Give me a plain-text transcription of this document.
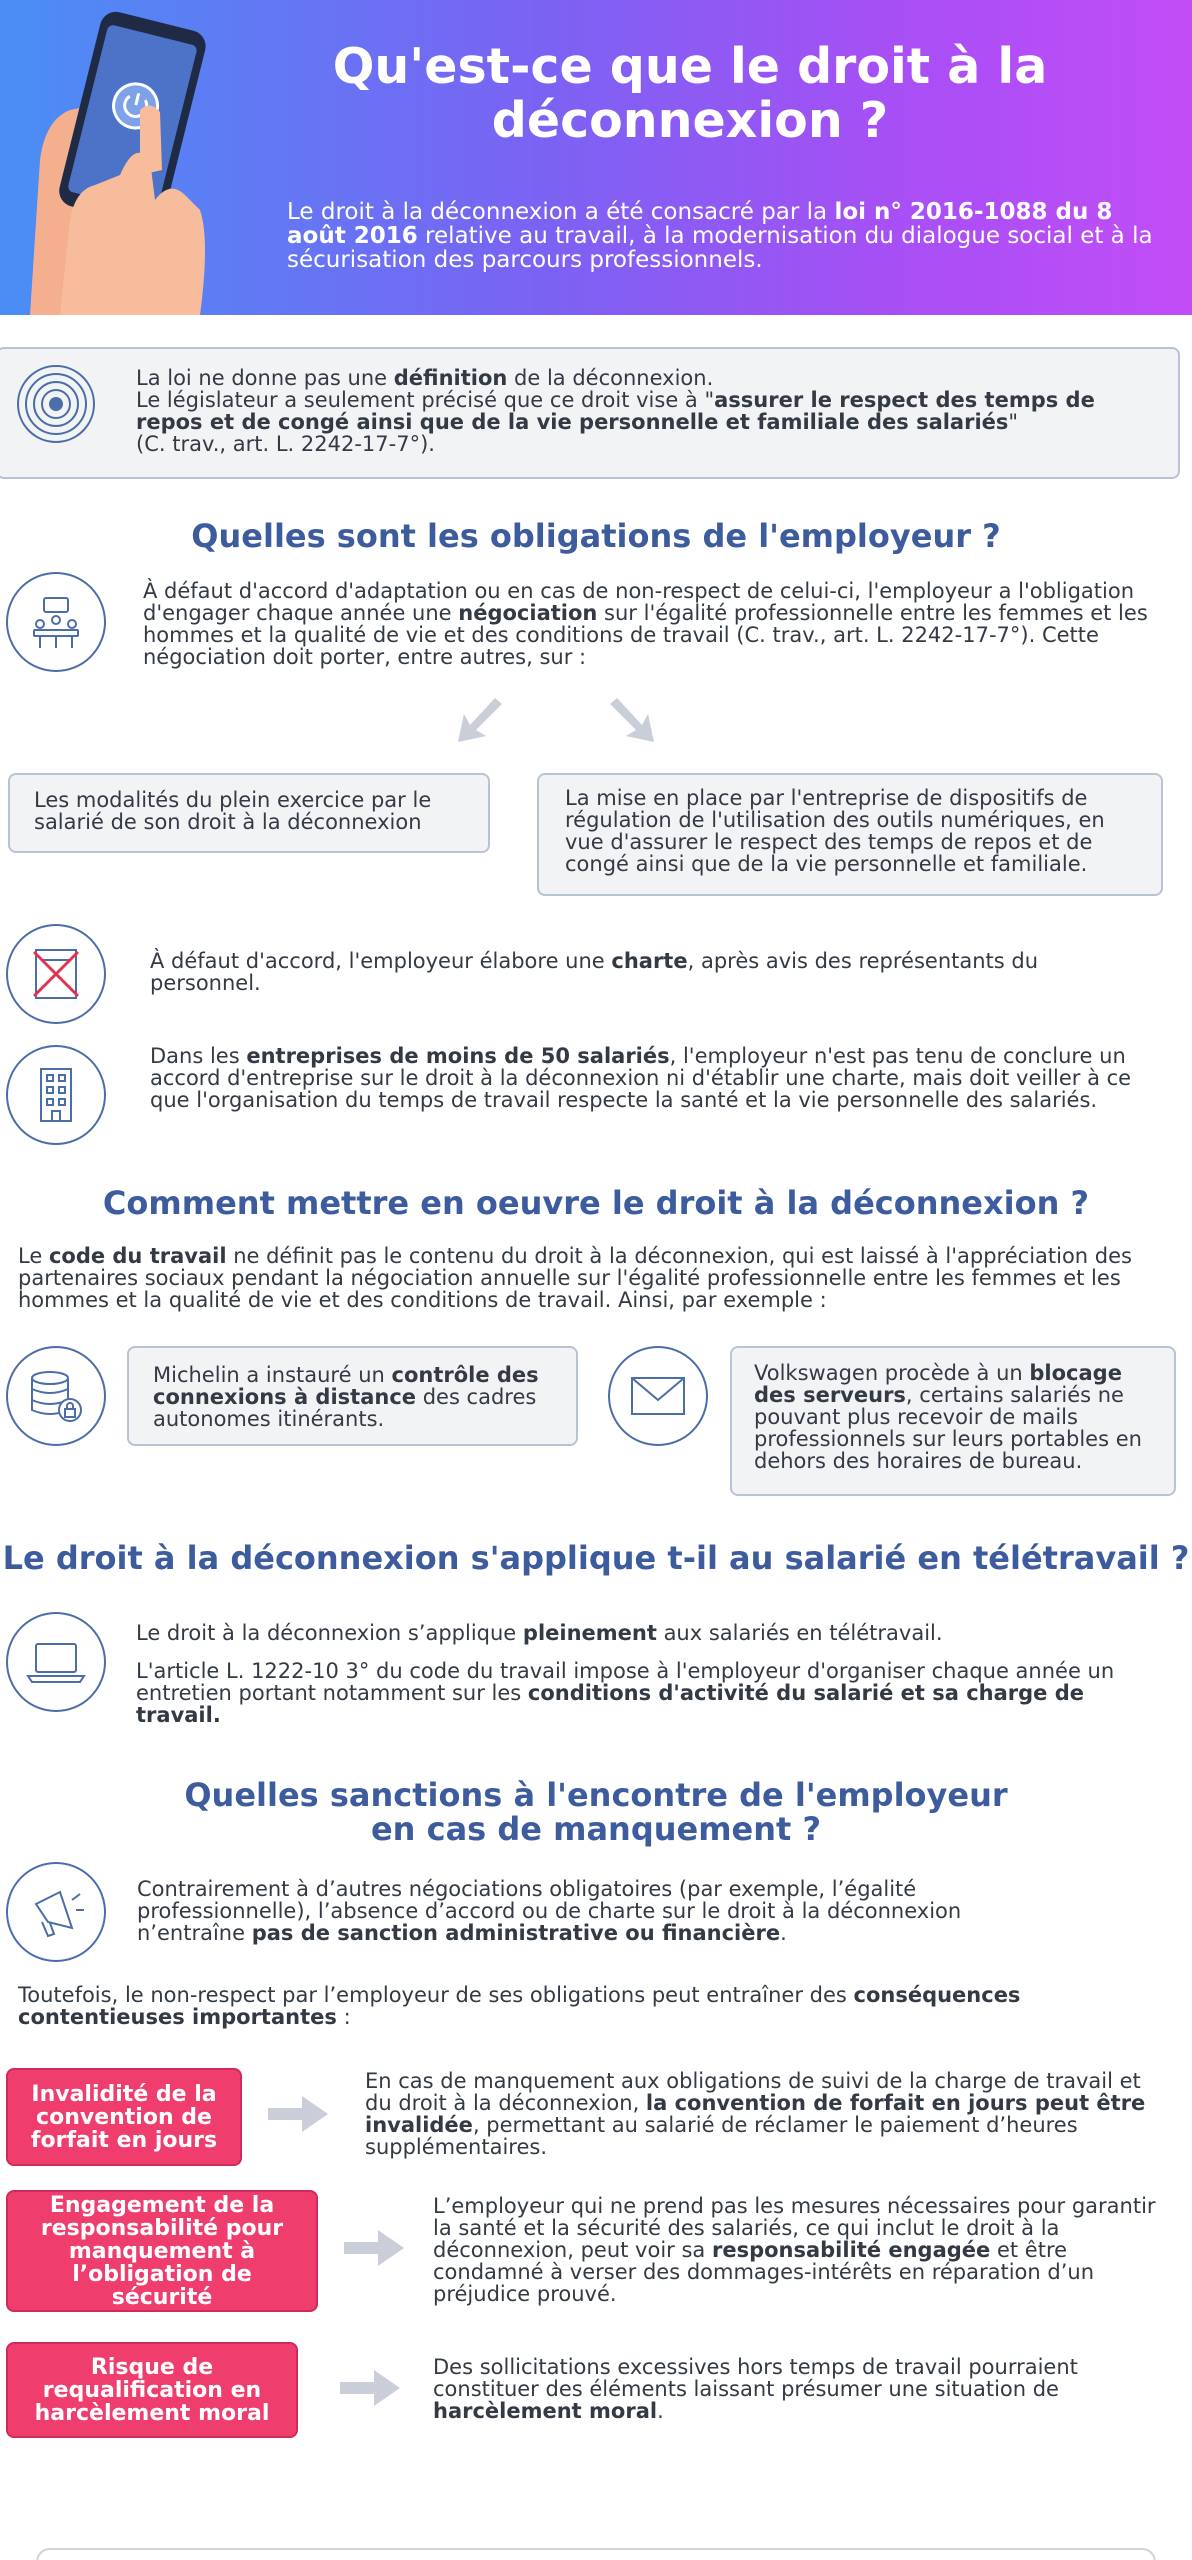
Qu'est-ce que le droit à la déconnexion ?
Le droit à la déconnexion a été consacré par la loi n° 2016-1088 du 8 août 2016 relative au travail, à la modernisation du dialogue social et à la sécurisation des parcours professionnels.
La loi ne donne pas une définition de la déconnexion.
Le législateur a seulement précisé que ce droit vise à "assurer le respect des temps de repos et de congé ainsi que de la vie personnelle et familiale des salariés"
(C. trav., art. L. 2242-17-7°).
Quelles sont les obligations de l'employeur ?
À défaut d'accord d'adaptation ou en cas de non-respect de celui-ci, l'employeur a l'obligation d'engager chaque année une négociation sur l'égalité professionnelle entre les femmes et les hommes et la qualité de vie et des conditions de travail (C. trav., art. L. 2242-17-7°). Cette négociation doit porter, entre autres, sur :
Les modalités du plein exercice par le salarié de son droit à la déconnexion
La mise en place par l'entreprise de dispositifs de régulation de l'utilisation des outils numériques, en vue d'assurer le respect des temps de repos et de congé ainsi que de la vie personnelle et familiale.
À défaut d'accord, l'employeur élabore une charte, après avis des représentants du personnel.
Dans les entreprises de moins de 50 salariés, l'employeur n'est pas tenu de conclure un accord d'entreprise sur le droit à la déconnexion ni d'établir une charte, mais doit veiller à ce que l'organisation du temps de travail respecte la santé et la vie personnelle des salariés.
Comment mettre en oeuvre le droit à la déconnexion ?
Le code du travail ne définit pas le contenu du droit à la déconnexion, qui est laissé à l'appréciation des partenaires sociaux pendant la négociation annuelle sur l'égalité professionnelle entre les femmes et les hommes et la qualité de vie et des conditions de travail. Ainsi, par exemple :
Michelin a instauré un contrôle des connexions à distance des cadres autonomes itinérants.
Volkswagen procède à un blocage des serveurs, certains salariés ne pouvant plus recevoir de mails professionnels sur leurs portables en dehors des horaires de bureau.
Le droit à la déconnexion s'applique t-il au salarié en télétravail ?
Le droit à la déconnexion s’applique pleinement aux salariés en télétravail.
L'article L. 1222-10 3° du code du travail impose à l'employeur d'organiser chaque année un entretien portant notamment sur les conditions d'activité du salarié et sa charge de travail.
Quelles sanctions à l'encontre de l'employeur
en cas de manquement ?
Contrairement à d’autres négociations obligatoires (par exemple, l’égalité professionnelle), l’absence d’accord ou de charte sur le droit à la déconnexion n’entraîne pas de sanction administrative ou financière.
Toutefois, le non-respect par l’employeur de ses obligations peut entraîner des conséquences contentieuses importantes :
Invalidité de la convention de forfait en jours
En cas de manquement aux obligations de suivi de la charge de travail et du droit à la déconnexion, la convention de forfait en jours peut être invalidée, permettant au salarié de réclamer le paiement d’heures supplémentaires.
Engagement de la responsabilité pour manquement à l’obligation de sécurité
L’employeur qui ne prend pas les mesures nécessaires pour garantir la santé et la sécurité des salariés, ce qui inclut le droit à la déconnexion, peut voir sa responsabilité engagée et être condamné à verser des dommages-intérêts en réparation d’un préjudice prouvé.
Risque de requalification en harcèlement moral
Des sollicitations excessives hors temps de travail pourraient constituer des éléments laissant présumer une situation de harcèlement moral.
